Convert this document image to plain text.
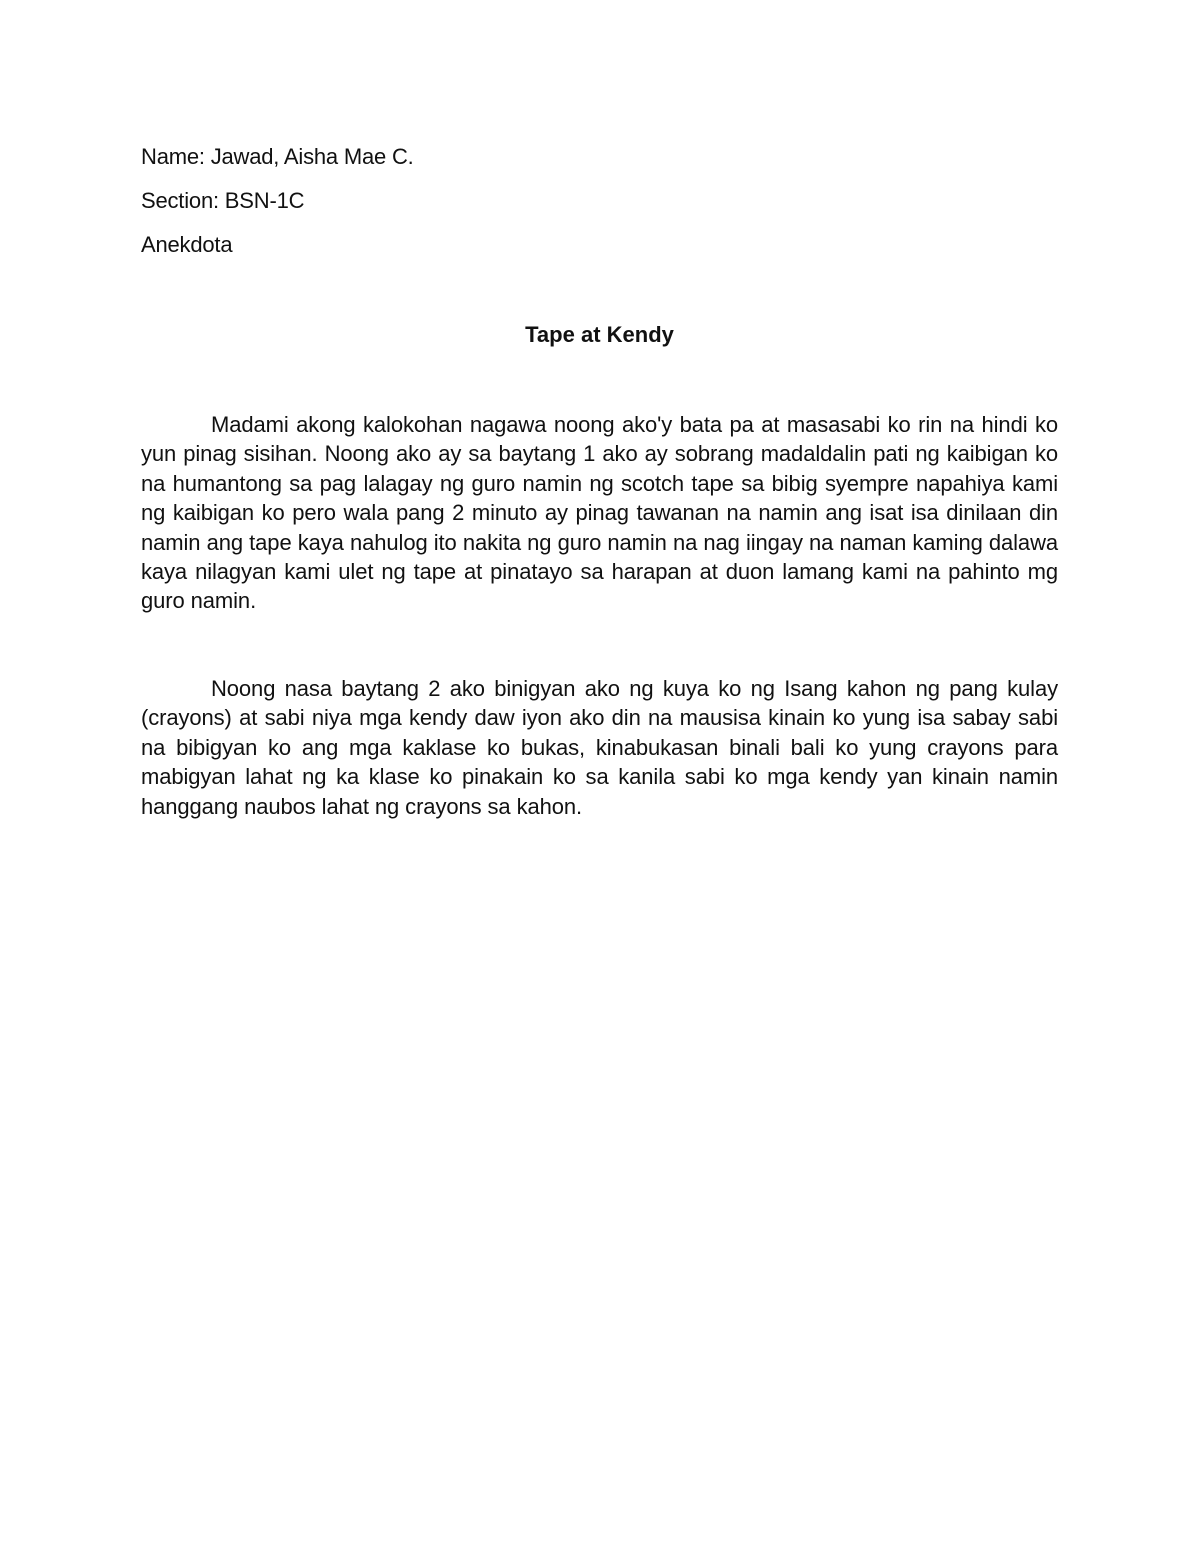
Name: Jawad, Aisha Mae C.
Section: BSN-1C
Anekdota
Tape at Kendy

Madami akong kalokohan nagawa noong ako'y bata pa at masasabi ko rin na hindi ko yun pinag sisihan. Noong ako ay sa baytang 1 ako ay sobrang madaldalin pati ng kaibigan ko na humantong sa pag lalagay ng guro namin ng scotch tape sa bibig syempre napahiya kami ng kaibigan ko pero wala pang 2 minuto ay pinag tawanan na namin ang isat isa dinilaan din namin ang tape kaya nahulog ito nakita ng guro namin na nag iingay na naman kaming dalawa kaya nilagyan kami ulet ng tape at pinatayo sa harapan at duon lamang kami na pahinto mg guro namin.

Noong nasa baytang 2 ako binigyan ako ng kuya ko ng Isang kahon ng pang kulay (crayons) at sabi niya mga kendy daw iyon ako din na mausisa kinain ko yung isa sabay sabi na bibigyan ko ang mga kaklase ko bukas, kinabukasan binali bali ko yung crayons para mabigyan lahat ng ka klase ko pinakain ko sa kanila sabi ko mga kendy yan kinain namin hanggang naubos lahat ng crayons sa kahon.
